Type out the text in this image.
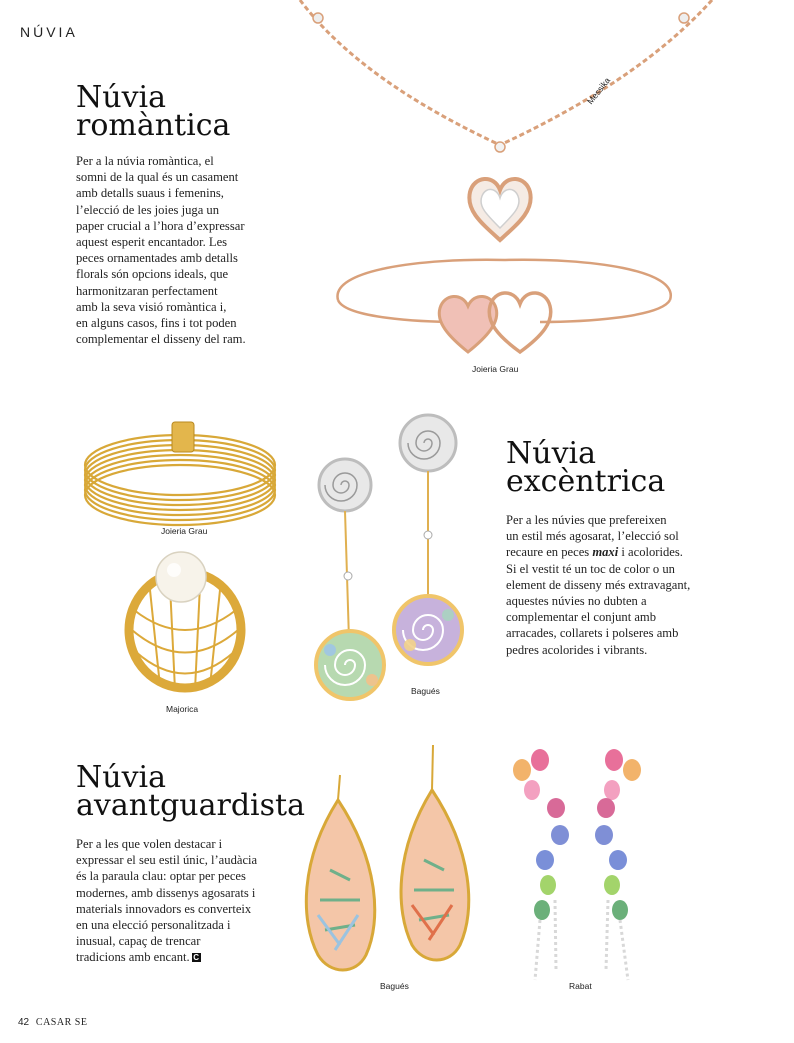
NÚVIA
Messika
Joieria Grau
Núvia
romàntica
Per a la núvia romàntica, el
somni de la qual és un casament
amb detalls suaus i femenins,
l’elecció de les joies juga un
paper crucial a l’hora d’expressar
aquest esperit encantador. Les
peces ornamentades amb detalls
florals són opcions ideals, que
harmonitzaran perfectament
amb la seva visió romàntica i,
en alguns casos, fins i tot poden
complementar el disseny del ram.
Joieria Grau
Majorica
Bagués
Núvia
excèntrica
Per a les núvies que prefereixen
un estil més agosarat, l’elecció sol
recaure en peces maxi i acolorides.
Si el vestit té un toc de color o un
element de disseny més extravagant,
aquestes núvies no dubten a
complementar el conjunt amb
arracades, collarets i polseres amb
pedres acolorides i vibrants.
Núvia
avantguardista
Per a les que volen destacar i
expressar el seu estil únic, l’audàcia
és la paraula clau: optar per peces
modernes, amb dissenys agosarats i
materials innovadors es converteix
en una elecció personalitzada i
inusual, capaç de trencar
tradicions amb encant. C
Bagués	Rabat
42 CASAR SE
